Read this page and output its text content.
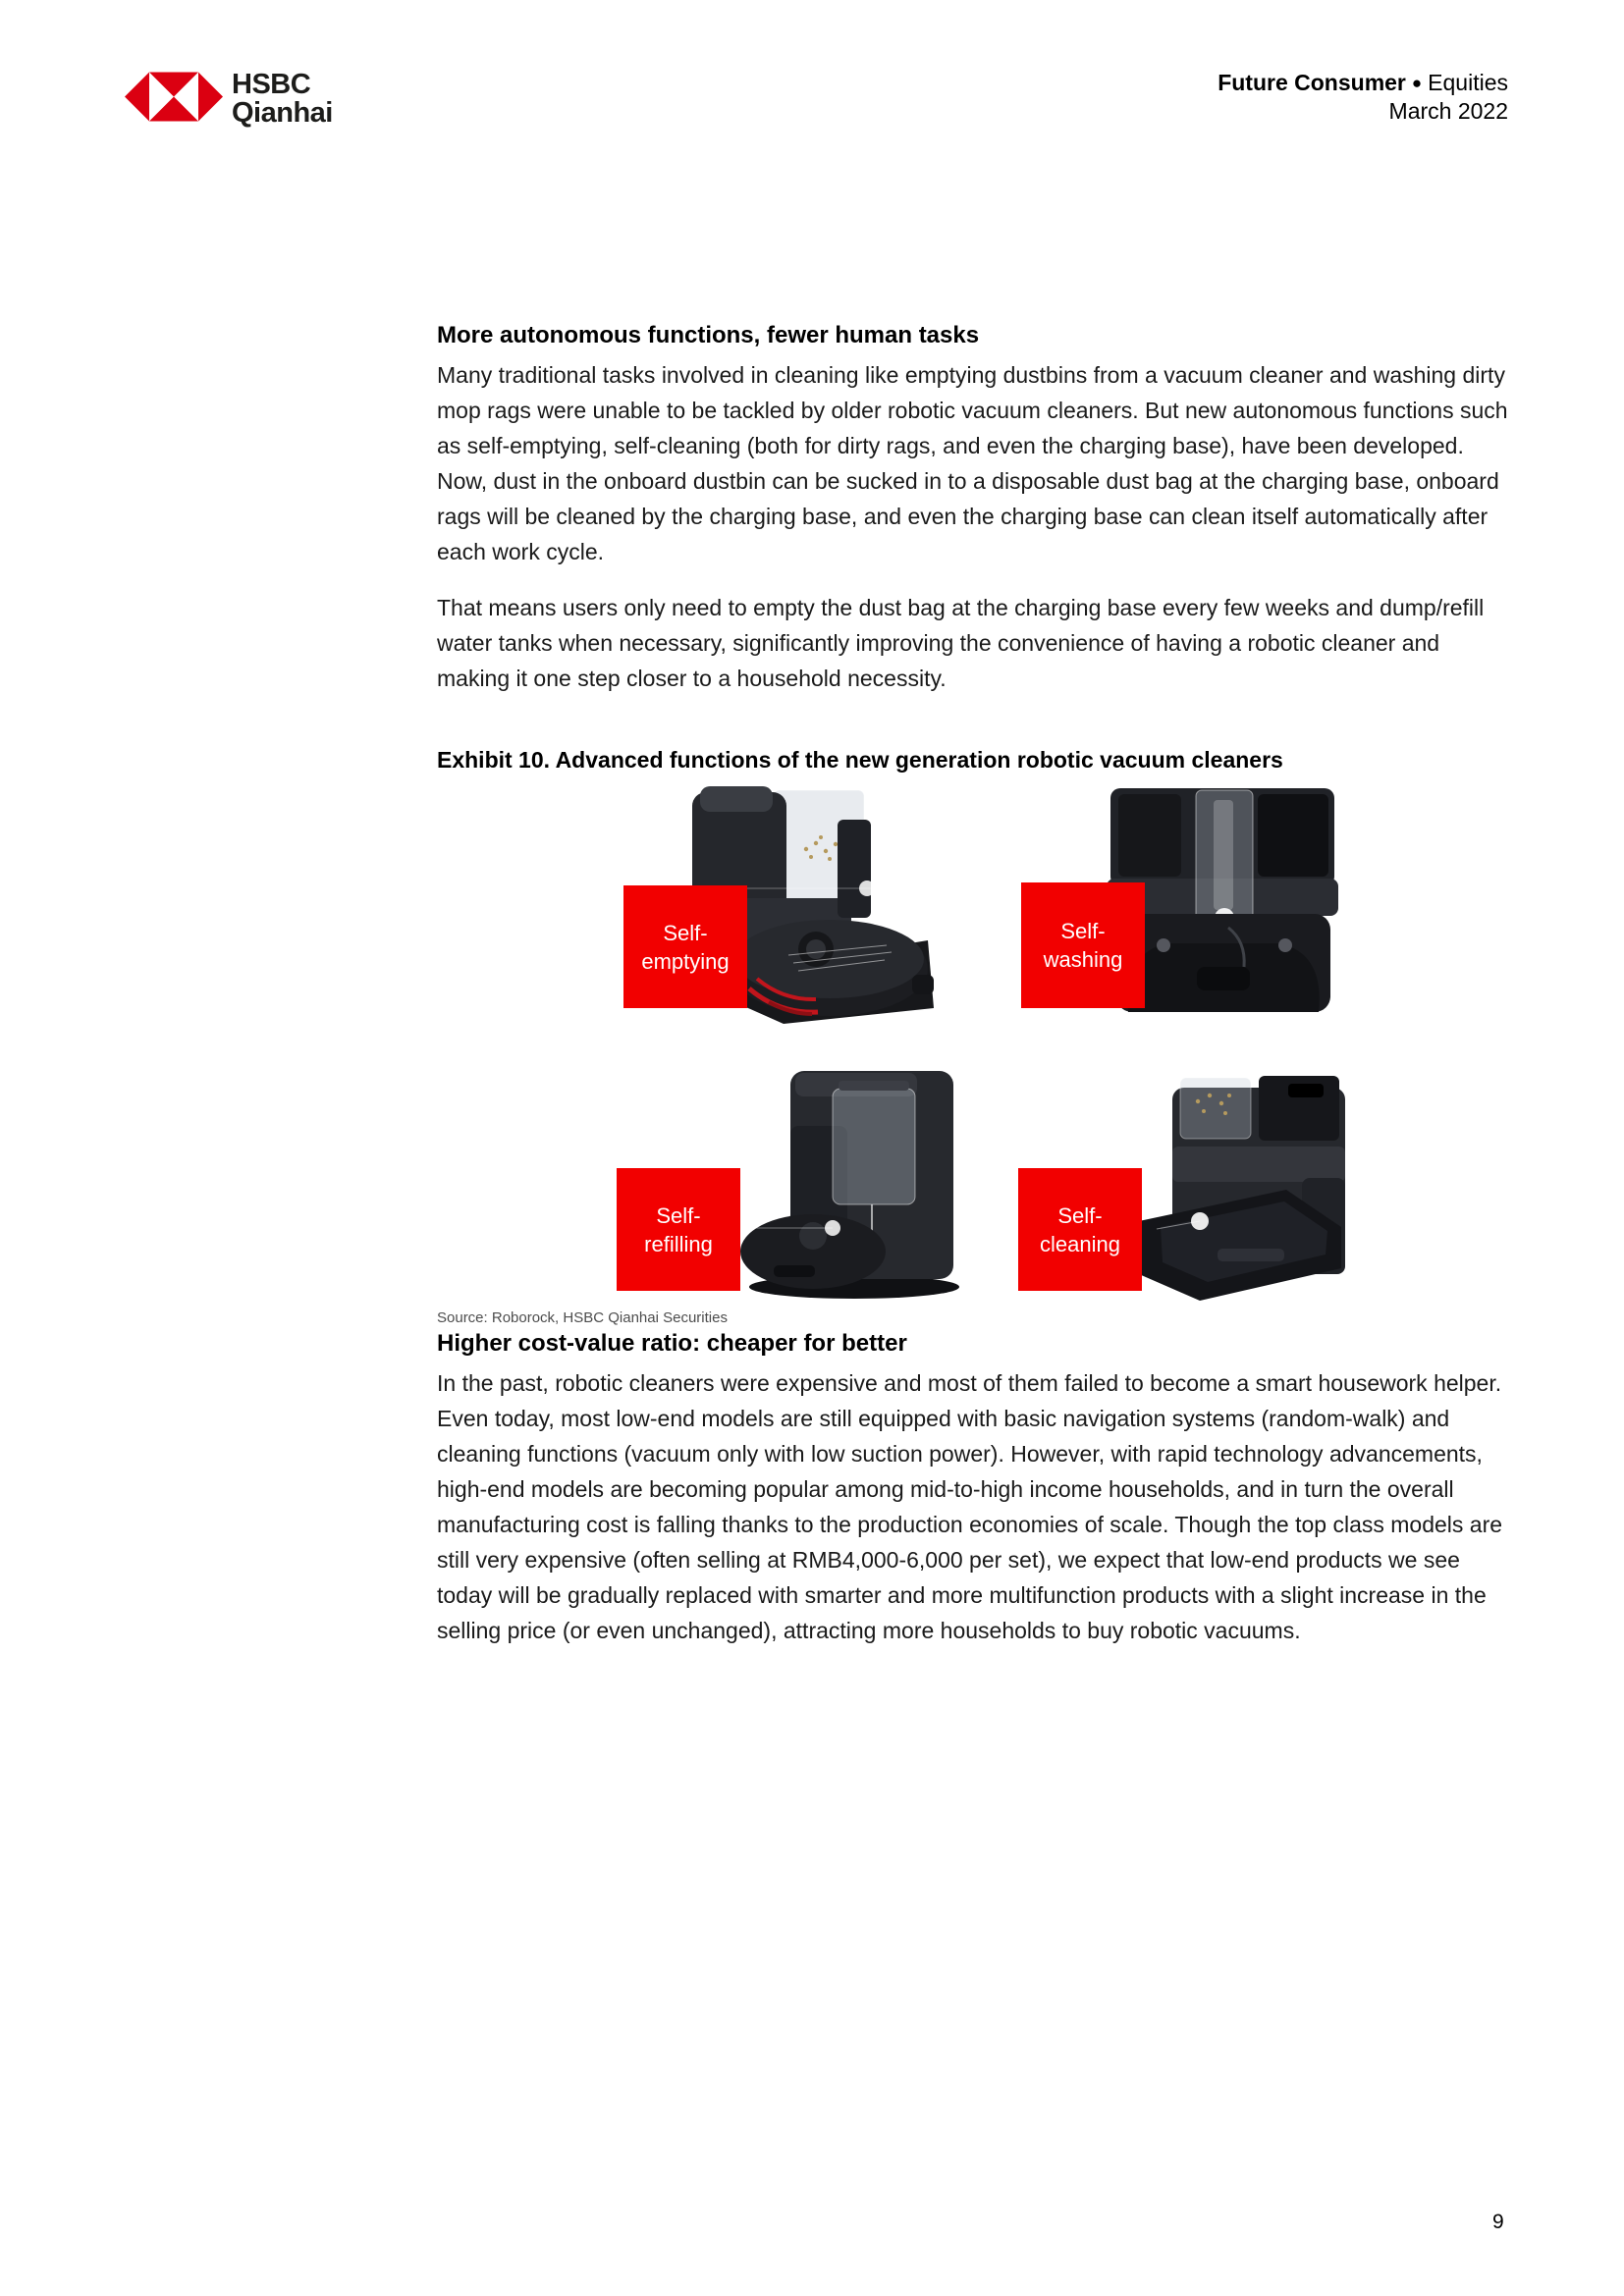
HSBC
Qianhai
Future Consumer ● Equities
March 2022
More autonomous functions, fewer human tasks

Many traditional tasks involved in cleaning like emptying dustbins from a vacuum cleaner and washing dirty mop rags were unable to be tackled by older robotic vacuum cleaners. But new autonomous functions such as self-emptying, self-cleaning (both for dirty rags, and even the charging base), have been developed. Now, dust in the onboard dustbin can be sucked in to a disposable dust bag at the charging base, onboard rags will be cleaned by the charging base, and even the charging base can clean itself automatically after each work cycle.

That means users only need to empty the dust bag at the charging base every few weeks and dump/refill water tanks when necessary, significantly improving the convenience of having a robotic cleaner and making it one step closer to a household necessity.

Exhibit 10. Advanced functions of the new generation robotic vacuum cleaners
Self-
emptying
Self-
washing
Self-
refilling
Self-
cleaning
Source: Roborock, HSBC Qianhai Securities
Higher cost-value ratio: cheaper for better

In the past, robotic cleaners were expensive and most of them failed to become a smart housework helper. Even today, most low-end models are still equipped with basic navigation systems (random-walk) and cleaning functions (vacuum only with low suction power). However, with rapid technology advancements, high-end models are becoming popular among mid-to-high income households, and in turn the overall manufacturing cost is falling thanks to the production economies of scale. Though the top class models are still very expensive (often selling at RMB4,000-6,000 per set), we expect that low-end products we see today will be gradually replaced with smarter and more multifunction products with a slight increase in the selling price (or even unchanged), attracting more households to buy robotic vacuums.

9
